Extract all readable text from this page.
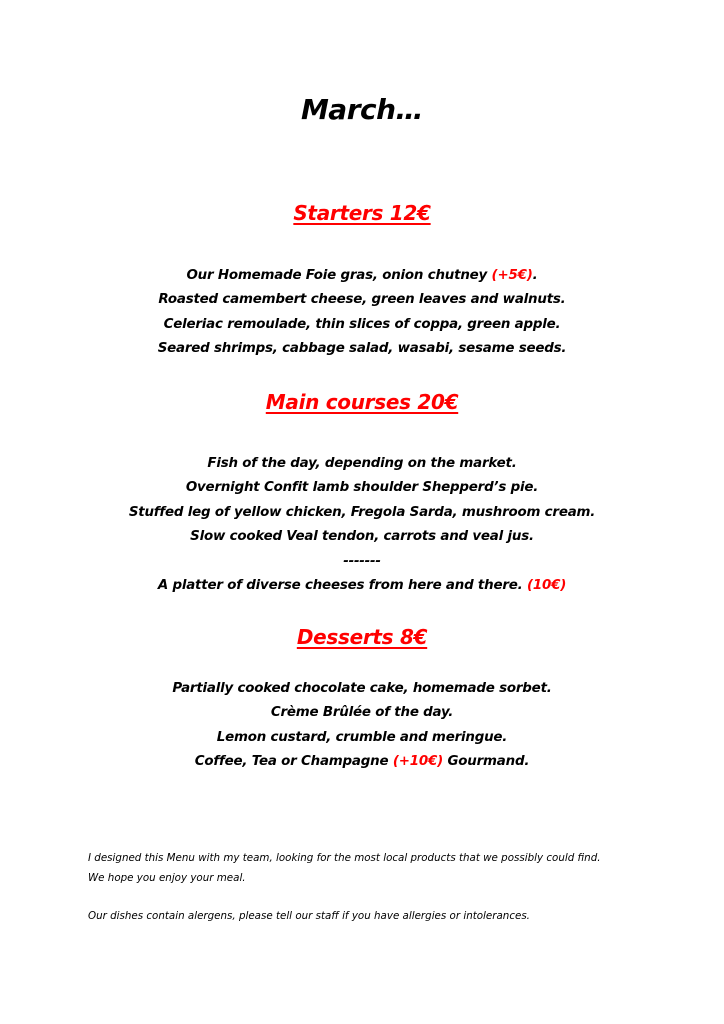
March…
Starters 12€
Our Homemade Foie gras, onion chutney (+5€).
Roasted camembert cheese, green leaves and walnuts.
Celeriac remoulade, thin slices of coppa, green apple.
Seared shrimps, cabbage salad, wasabi, sesame seeds.
Main courses 20€
Fish of the day, depending on the market.
Overnight Confit lamb shoulder Shepperd’s pie.
Stuffed leg of yellow chicken, Fregola Sarda, mushroom cream.
Slow cooked Veal tendon, carrots and veal jus.
-------
A platter of diverse cheeses from here and there. (10€)
Desserts 8€
Partially cooked chocolate cake, homemade sorbet.
Crème Brûlée of the day.
Lemon custard, crumble and meringue.
Coffee, Tea or Champagne (+10€) Gourmand.

I designed this Menu with my team, looking for the most local products that we possibly could find.
We hope you enjoy your meal.

Our dishes contain alergens, please tell our staff if you have allergies or intolerances.
